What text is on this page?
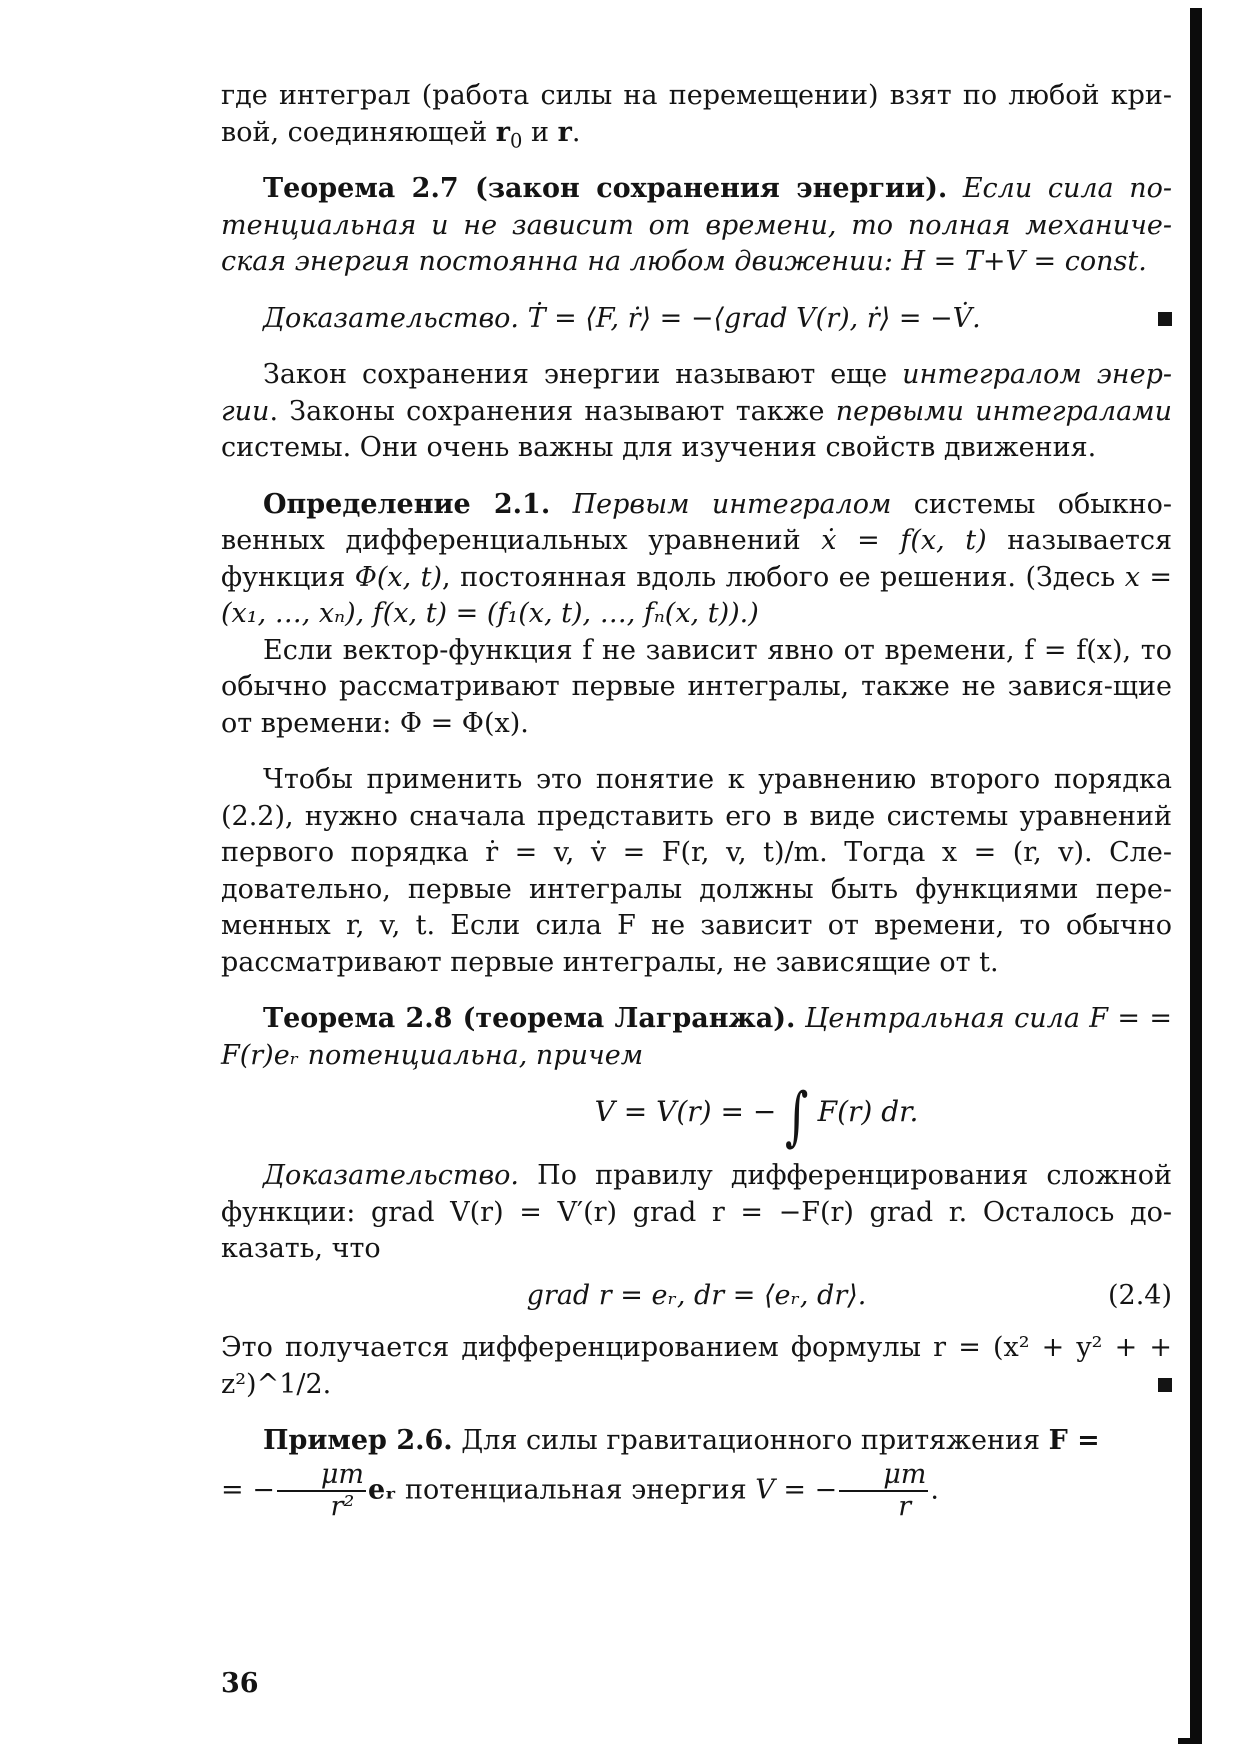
где интеграл (работа силы на перемещении) взят по любой кри-вой, соединяющей $r_0$ и r.

Теорема 2.7 (закон сохранения энергии). Если сила по-тенциальная и не зависит от времени, то полная механиче-ская энергия постоянна на любом движении: H = T+V = const.

Доказательство. Ṫ = ⟨F, ṙ⟩ = −⟨grad V(r), ṙ⟩ = −V̇.

Закон сохранения энергии называют еще интегралом энер-гии. Законы сохранения называют также первыми интегралами системы. Они очень важны для изучения свойств движения.

Определение 2.1. Первым интегралом системы обыкно-венных дифференциальных уравнений ẋ = f(x, t) называется функция Φ(x, t), постоянная вдоль любого ее решения. (Здесь x = (x₁, …, xₙ), f(x, t) = (f₁(x, t), …, fₙ(x, t)).)

Если вектор-функция f не зависит явно от времени, f = f(x), то обычно рассматривают первые интегралы, также не завися-щие от времени: Φ = Φ(x).

Чтобы применить это понятие к уравнению второго порядка (2.2), нужно сначала представить его в виде системы уравнений первого порядка ṙ = v, v̇ = F(r, v, t)/m. Тогда x = (r, v). Сле-довательно, первые интегралы должны быть функциями пере-менных r, v, t. Если сила F не зависит от времени, то обычно рассматривают первые интегралы, не зависящие от t.

Теорема 2.8 (теорема Лагранжа). Центральная сила F = = F(r)eᵣ потенциальна, причем

V = V(r) = − ∫ F(r) dr.

Доказательство. По правилу дифференцирования сложной функции: grad V(r) = V′(r) grad r = −F(r) grad r. Осталось до-казать, что

grad r = eᵣ, dr = ⟨eᵣ, dr⟩.	(2.4)

Это получается дифференцированием формулы r = (x² + y² + + z²)^1/2.

Пример 2.6. Для силы гравитационного притяжения F =
= − $\frac{\mu m}{\text{r²}}$ eᵣ потенциальная энергия V = − $\frac{\mu m}{r}$ .

36
